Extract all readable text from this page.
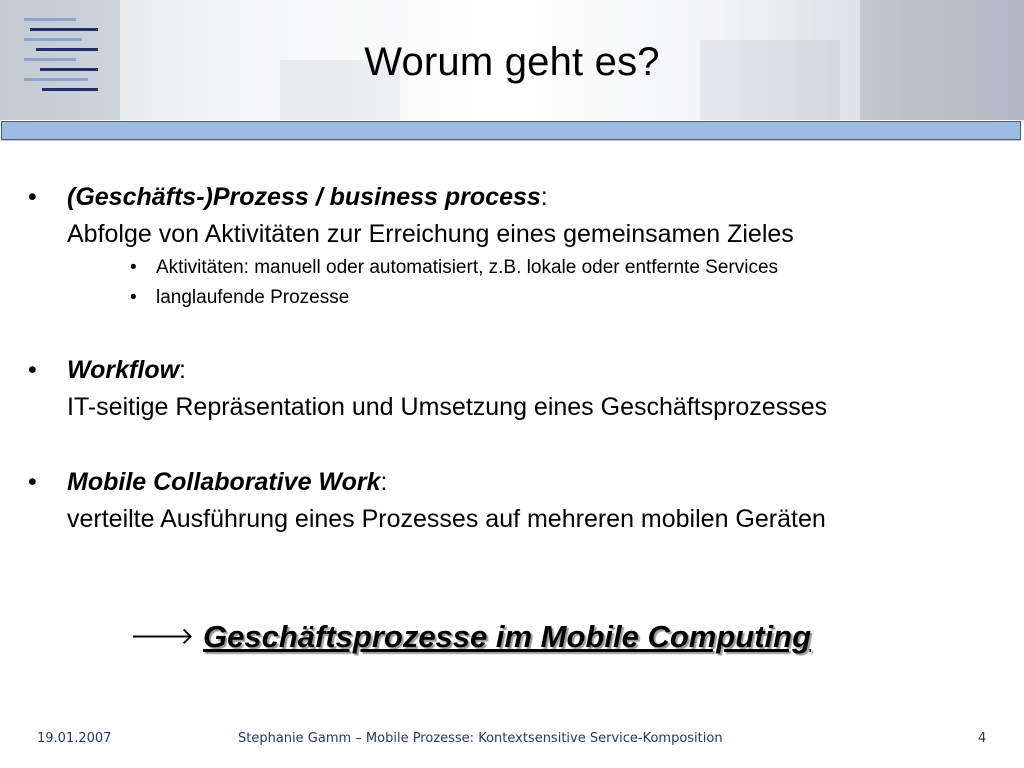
Worum geht es?
• (Geschäfts-)Prozess / business process:
Abfolge von Aktivitäten zur Erreichung eines gemeinsamen Zieles
• Aktivitäten: manuell oder automatisiert, z.B. lokale oder entfernte Services
• langlaufende Prozesse
• Workflow:
IT-seitige Repräsentation und Umsetzung eines Geschäftsprozesses
• Mobile Collaborative Work:
verteilte Ausführung eines Prozesses auf mehreren mobilen Geräten
🡒 Geschäftsprozesse im Mobile Computing
19.01.2007	Stephanie Gamm – Mobile Prozesse: Kontextsensitive Service-Komposition	4
